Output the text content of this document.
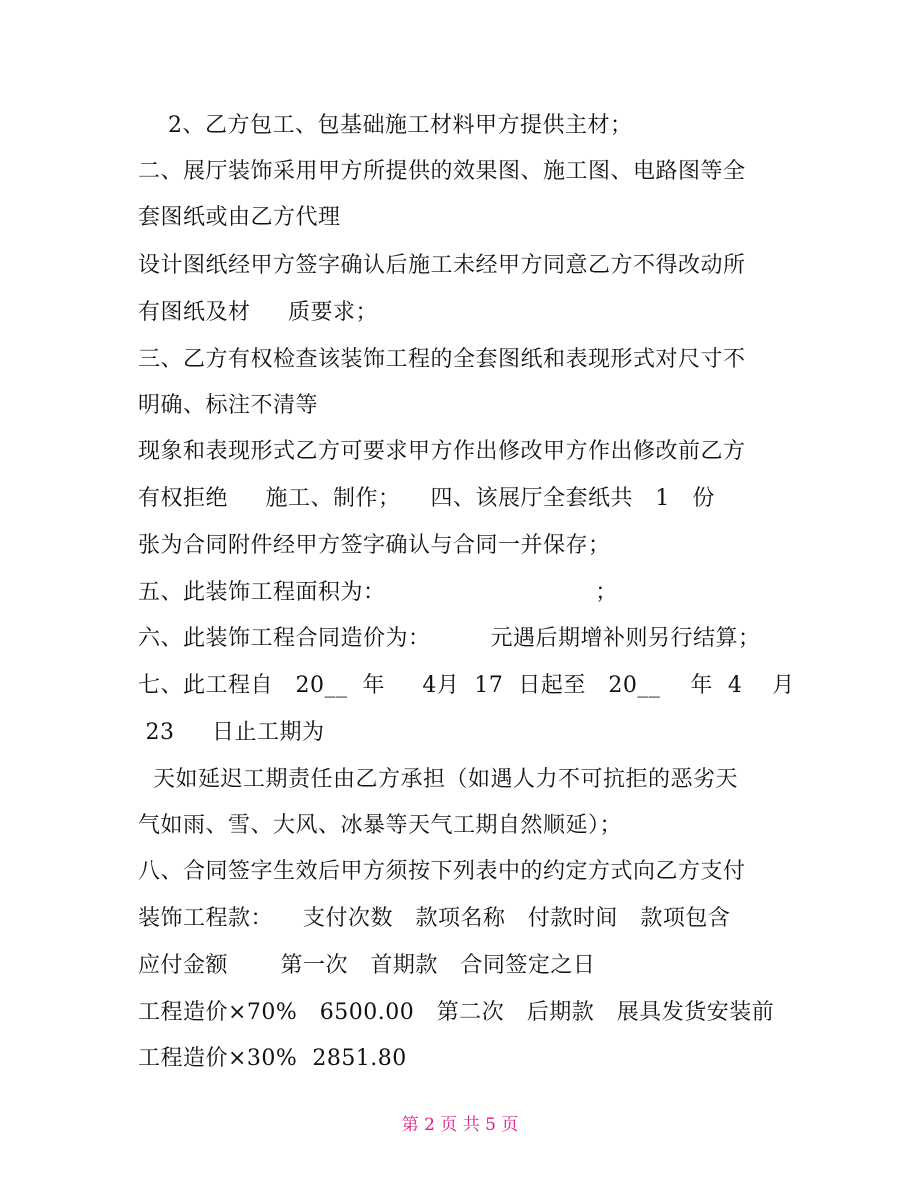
2、乙方包工、包基础施工材料甲方提供主材；
二、展厅装饰采用甲方所提供的效果图、施工图、电路图等全
套图纸或由乙方代理
设计图纸经甲方签字确认后施工未经甲方同意乙方不得改动所
有图纸及材     质要求；
三、乙方有权检查该装饰工程的全套图纸和表现形式对尺寸不
明确、标注不清等
现象和表现形式乙方可要求甲方作出修改甲方作出修改前乙方
有权拒绝     施工、制作；    四、该展厅全套纸共   1   份
张为合同附件经甲方签字确认与合同一并保存；
五、此装饰工程面积为：                            ；
六、此装饰工程合同造价为：        元遇后期增补则另行结算；
七、此工程自   20__  年     4月  17  日起至   20__    年  4    月
23     日止工期为
天如延迟工期责任由乙方承担（如遇人力不可抗拒的恶劣天
气如雨、雪、大风、冰暴等天气工期自然顺延）；
八、合同签字生效后甲方须按下列表中的约定方式向乙方支付
装饰工程款：    支付次数   款项名称   付款时间   款项包含
应付金额       第一次   首期款   合同签定之日
工程造价×70%   6500.00   第二次   后期款   展具发货安装前
工程造价×30%  2851.80
第 2 页 共 5 页
